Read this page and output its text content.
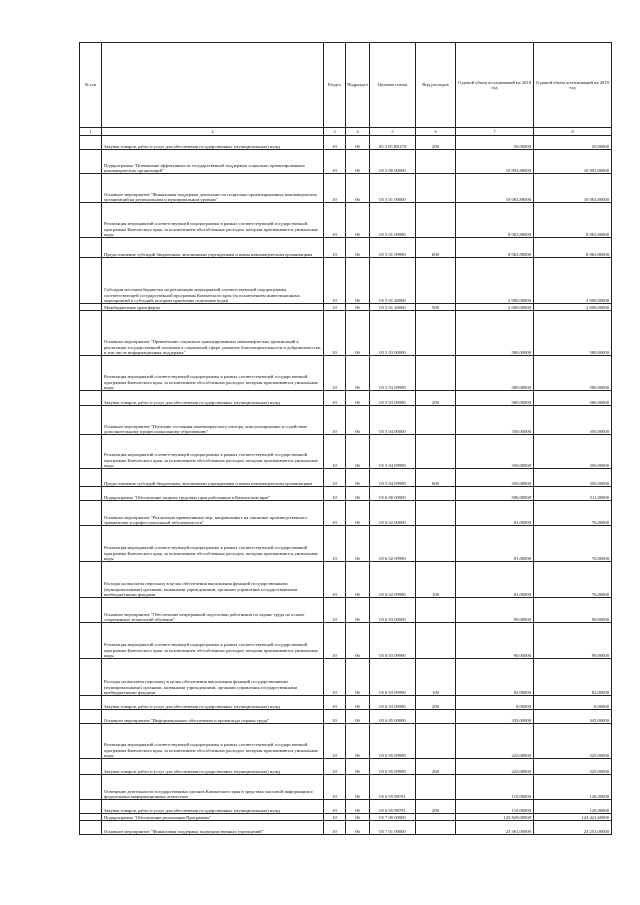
№ п/п		Раздел	Подраздел	Целевая статья	Вид расходов	Годовой объем ассигнований на 2018 год	Годовой объем ассигнований на 2019 год
1	2	3	4	5	6	7	8
	Закупка товаров, работ и услуг для обеспечения государственных (муниципальных) нужд	10	06	05 3 05 R0270	200	50,00000	50,00000
	Подпрограмма "Повышение эффективности государственной поддержки социально ориентированных некоммерческих организаций"	10	06	05 5 00 00000		10 993,80000	10 993,80000
	Основное мероприятие "Финансовая поддержка деятельности социально ориентированных некоммерческих организаций на региональном и муниципальном уровнях"	10	06	05 5 01 00000		10 063,80000	10 063,80000
	Реализация мероприятий соответствующей подпрограммы в рамках соответствующей государственной программы Камчатского края, за исключением обособленных расходов, которым присваиваются уникальные коды	10	06	05 5 01 09990		8 063,80000	8 063,80000
	Предоставление субсидий бюджетным, автономным учреждениям и иным некоммерческим организациям	10	06	05 5 01 09990	600	8 063,80000	8 063,80000
	Субсидии местным бюджетам на реализацию мероприятий соответствующей подпрограммы соответствующей государственной программы Камчатского края (за исключением инвестиционных мероприятий и субсидий, которым присвоены отдельные коды)	10	06	05 5 01 40060		2 000,00000	2 000,00000
	Межбюджетные трансферты	10	06	05 5 01 40060	500	2 000,00000	2 000,00000
	Основное мероприятие "Привлечение социально ориентированных некоммерческих организаций к реализации государственной политики в социальной сфере, развитие благотворительности и добровольчества, в том числе информационная поддержка"	10	06	05 5 03 00000		580,00000	580,00000
	Реализация мероприятий соответствующей подпрограммы в рамках соответствующей государственной программы Камчатского края, за исключением обособленных расходов, которым присваиваются уникальные коды	10	06	05 5 03 09990		580,00000	580,00000
	Закупка товаров, работ и услуг для обеспечения государственных (муниципальных) нужд	10	06	05 5 03 09990	200	580,00000	580,00000
	Основное мероприятие "Изучение состояния некоммерческого сектора, консультирование и содействие дополнительному профессиональному образованию"	10	06	05 5 04 00000		350,00000	350,00000
	Реализация мероприятий соответствующей подпрограммы в рамках соответствующей государственной программы Камчатского края, за исключением обособленных расходов, которым присваиваются уникальные коды	10	06	05 5 04 09990		350,00000	350,00000
	Предоставление субсидий бюджетным, автономным учреждениям и иным некоммерческим организациям	10	06	05 5 04 09990	600	350,00000	350,00000
	Подпрограмма "Обеспечение защиты трудовых прав работников в Камчатском крае"	10	06	05 6 00 00000		506,00000	511,00000
	Основное мероприятие "Реализация превентивных мер, направленных на снижение производственного травматизма и профессиональной заболеваемости"	10	06	05 6 02 00000		81,00000	76,00000
	Реализация мероприятий соответствующей подпрограммы в рамках соответствующей государственной программы Камчатского края, за исключением обособленных расходов, которым присваиваются уникальные коды	10	06	05 6 02 09990		81,00000	76,00000
	Расходы на выплаты персоналу в целях обеспечения выполнения функций государственными (муниципальными) органами, казенными учреждениями, органами управления государственными внебюджетными фондами	10	06	05 6 02 09990	100	81,00000	76,00000
	Основное мероприятие "Обеспечение непрерывной подготовки работников по охране труда на основе современных технологий обучения"	10	06	05 6 03 00000		90,00000	90,00000
	Реализация мероприятий соответствующей подпрограммы в рамках соответствующей государственной программы Камчатского края, за исключением обособленных расходов, которым присваиваются уникальные коды	10	06	05 6 03 09990		90,00000	90,00000
	Расходы на выплаты персоналу в целях обеспечения выполнения функций государственными (муниципальными) органами, казенными учреждениями, органами управления государственными внебюджетными фондами	10	06	05 6 03 09990	100	82,00000	82,00000
	Закупка товаров, работ и услуг для обеспечения государственных (муниципальных) нужд	10	06	05 6 03 09990	200	8,00000	8,00000
	Основное мероприятие "Информационное обеспечение и пропаганда охраны труда"	10	06	05 6 05 00000		335,00000	345,00000
	Реализация мероприятий соответствующей подпрограммы в рамках соответствующей государственной программы Камчатского края, за исключением обособленных расходов, которым присваиваются уникальные коды	10	06	05 6 05 09990		225,00000	225,00000
	Закупка товаров, работ и услуг для обеспечения государственных (муниципальных) нужд	10	06	05 6 05 09990	200	225,00000	225,00000
	Освещение деятельности государственных органов Камчатского края в средствах массовой информации и федеральных информационных агентствах	10	06	05 6 05 98701		110,00000	120,00000
	Закупка товаров, работ и услуг для обеспечения государственных (муниципальных) нужд	10	06	05 6 05 98701	200	110,00000	120,00000
	Подпрограмма "Обеспечение реализации Программы"	10	06	05 7 00 00000		123 829,00000	124 421,60000
	Основное мероприятие "Финансовая поддержка подведомственных учреждений"	10	06	05 7 01 00000		23 361,00000	23 253,00000
